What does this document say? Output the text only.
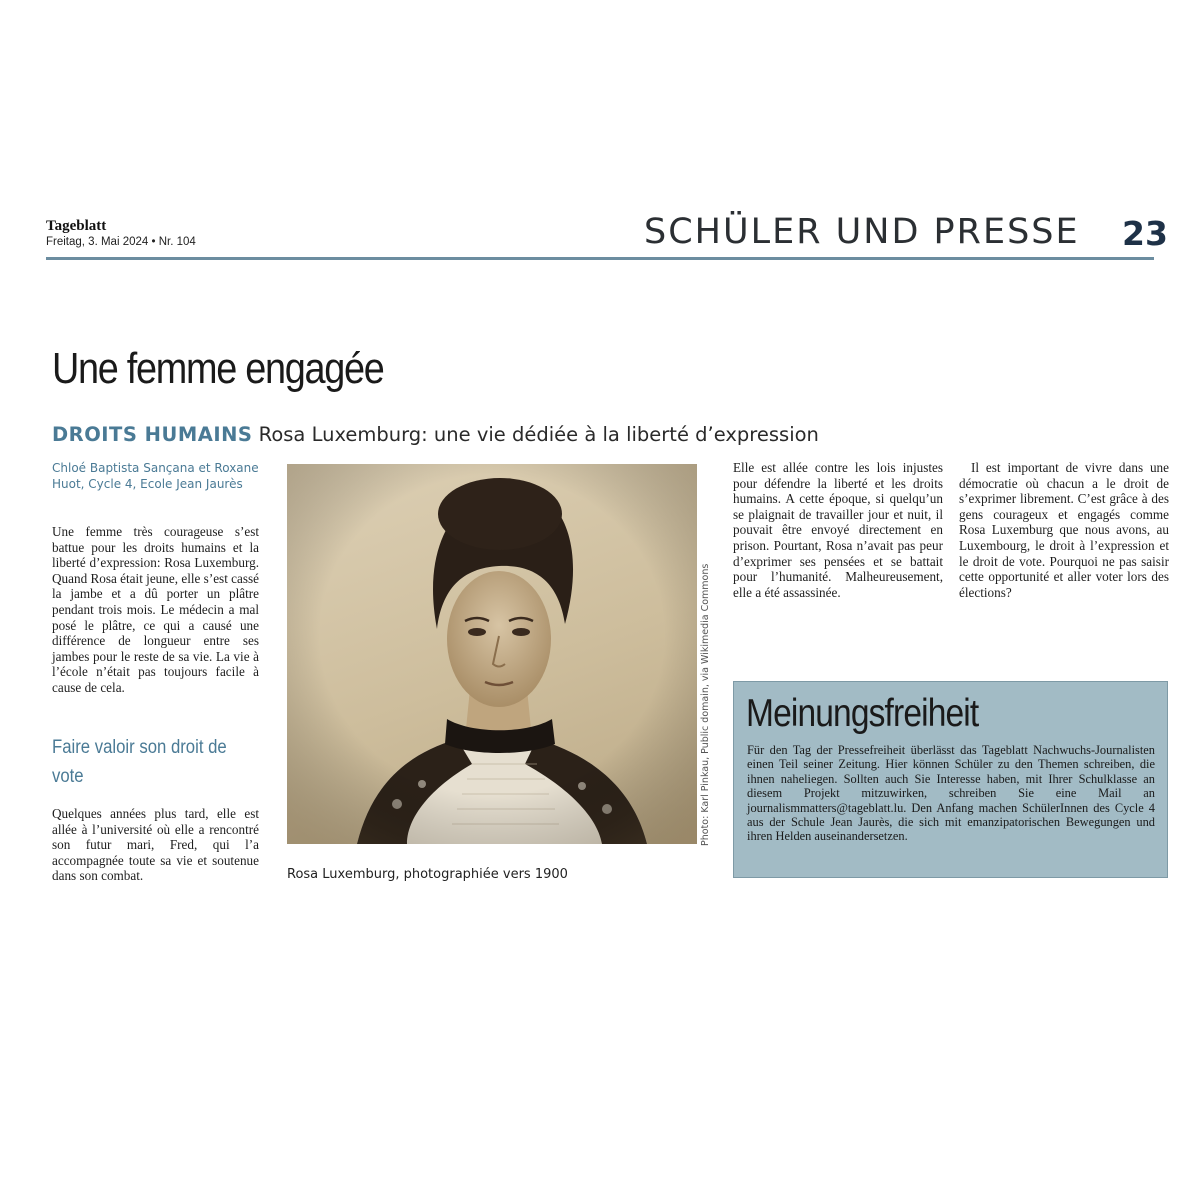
Tageblatt
Freitag, 3. Mai 2024 • Nr. 104	SCHÜLER UND PRESSE	23
Une femme engagée
DROITS HUMAINS Rosa Luxemburg: une vie dédiée à la liberté d’expression
Chloé Baptista Sançana et Roxane Huot, Cycle 4, Ecole Jean Jaurès
Une femme très courageuse s’est battue pour les droits humains et la liberté d’expression: Rosa Luxemburg. Quand Rosa était jeune, elle s’est cassé la jambe et a dû porter un plâtre pendant trois mois. Le médecin a mal posé le plâtre, ce qui a causé une différence de longueur entre ses jambes pour le reste de sa vie. La vie à l’école n’était pas toujours facile à cause de cela.
Faire valoir son droit de vote
Quelques années plus tard, elle est allée à l’université où elle a rencontré son futur mari, Fred, qui l’a accompagnée toute sa vie et soutenue dans son combat.
Photo: Karl Pinkau, Public domain, via Wikimedia Commons
Rosa Luxemburg, photographiée vers 1900
Elle est allée contre les lois injustes pour défendre la liberté et les droits humains. A cette époque, si quelqu’un se plaignait de travailler jour et nuit, il pouvait être envoyé directement en prison. Pourtant, Rosa n’avait pas peur d’exprimer ses pensées et se battait pour l’humanité. Malheureusement, elle a été assassinée.
Il est important de vivre dans une démocratie où chacun a le droit de s’exprimer librement. C’est grâce à des gens courageux et engagés comme Rosa Luxemburg que nous avons, au Luxembourg, le droit à l’expression et le droit de vote. Pourquoi ne pas saisir cette opportunité et aller voter lors des élections?
Meinungsfreiheit
Für den Tag der Pressefreiheit überlässt das Tageblatt Nachwuchs-Journalisten einen Teil seiner Zeitung. Hier können Schüler zu den Themen schreiben, die ihnen naheliegen. Sollten auch Sie Interesse haben, mit Ihrer Schulklasse an diesem Projekt mitzuwirken, schreiben Sie eine Mail an journalismmatters@tageblatt.lu. Den Anfang machen SchülerInnen des Cycle 4 aus der Schule Jean Jaurès, die sich mit emanzipatorischen Bewegungen und ihren Helden auseinandersetzen.
